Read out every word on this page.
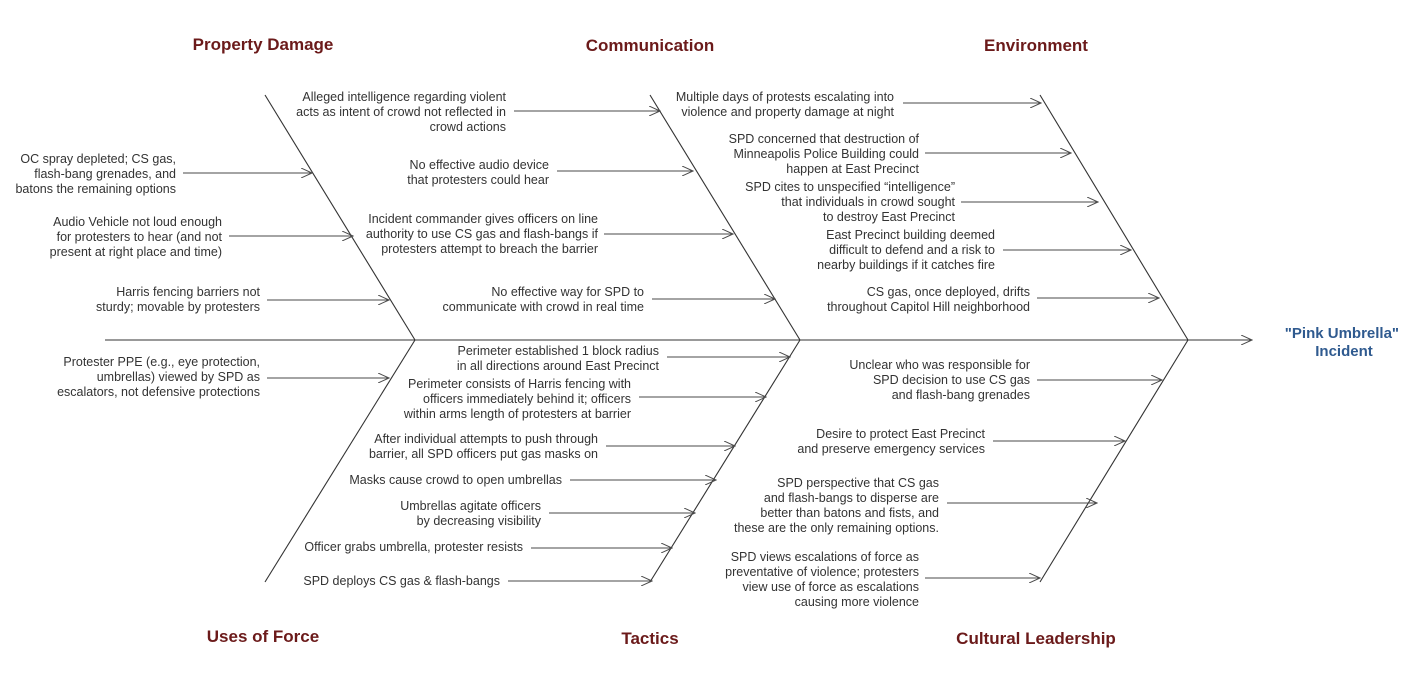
Property Damage	Communication	Environment
Uses of Force	Tactics	Cultural Leadership
"Pink Umbrella" Incident
OC spray depleted; CS gas, flash-bang grenades, and batons the remaining options
Audio Vehicle not loud enough for protesters to hear (and not present at right place and time)
Harris fencing barriers not sturdy; movable by protesters
Alleged intelligence regarding violent acts as intent of crowd not reflected in crowd actions
No effective audio device that protesters could hear
Incident commander gives officers on line authority to use CS gas and flash-bangs if protesters attempt to breach the barrier
No effective way for SPD to communicate with crowd in real time
Multiple days of protests escalating into violence and property damage at night
SPD concerned that destruction of Minneapolis Police Building could happen at East Precinct
SPD cites to unspecified “intelligence” that individuals in crowd sought to destroy East Precinct
East Precinct building deemed difficult to defend and a risk to nearby buildings if it catches fire
CS gas, once deployed, drifts throughout Capitol Hill neighborhood
Protester PPE (e.g., eye protection, umbrellas) viewed by SPD as escalators, not defensive protections
Perimeter established 1 block radius in all directions around East Precinct
Perimeter consists of Harris fencing with officers immediately behind it; officers within arms length of protesters at barrier
After individual attempts to push through barrier, all SPD officers put gas masks on
Masks cause crowd to open umbrellas
Umbrellas agitate officers by decreasing visibility
Officer grabs umbrella, protester resists
SPD deploys CS gas & flash-bangs
Unclear who was responsible for SPD decision to use CS gas and flash-bang grenades
Desire to protect East Precinct and preserve emergency services
SPD perspective that CS gas and flash-bangs to disperse are better than batons and fists, and these are the only remaining options.
SPD views escalations of force as preventative of violence; protesters view use of force as escalations causing more violence
